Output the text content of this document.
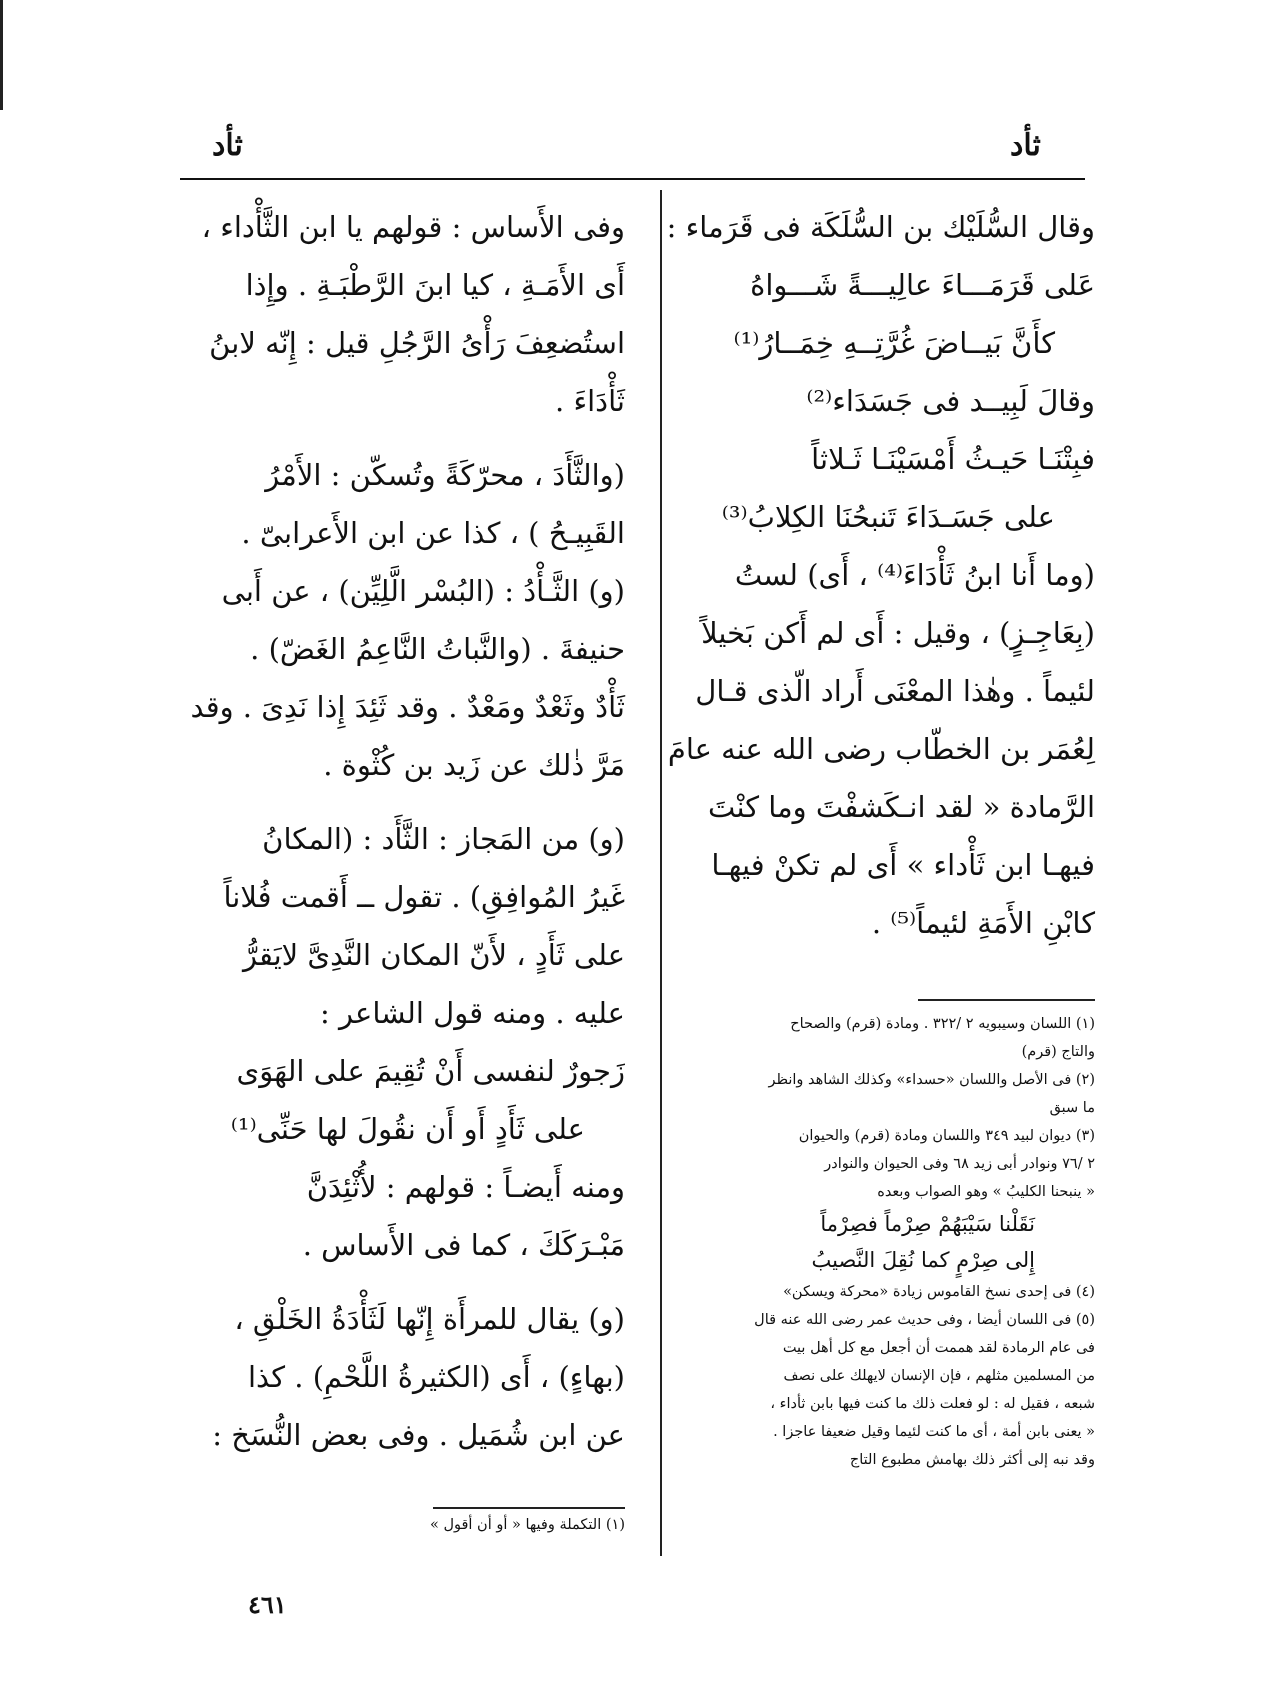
ثأد
ثأد
وقال السُّلَيْك بن السُّلَكَة فى قَرَماء :
عَلى قَرَمَـــاءَ عالِيـــةً شَـــواهُ
كأَنَّ بَيــاضَ غُرَّتِــهِ خِمَــارُ⁽¹⁾
وقالَ لَبِيــد فى جَسَدَاء⁽²⁾
فبِتْنَـا حَيـثُ أَمْسَيْنَـا ثَـلاثاً
على جَسَـدَاءَ تَنبحُنَا الكِلابُ⁽³⁾
(وما أَنا ابنُ ثَأْدَاءَ⁽⁴⁾ ، أَى) لستُ
(بِعَاجِـزٍ) ، وقيل : أَى لم أَكن بَخيلاً
لئيماً . وهٰذا المعْنَى أَراد الّذى قـال
لِعُمَر بن الخطّاب رضى الله عنه عامَ
الرَّمادة « لقد انـكَشفْتَ وما كنْتَ
فيهـا ابن ثَأْداء » أَى لم تكنْ فيهـا
كابْنِ الأَمَةِ لئيماً⁽⁵⁾ .
وفى الأَساس : قولهم يا ابن الثَّأْداء ،
أَى الأَمَـةِ ، كيا ابنَ الرَّطْبَـةِ . وإِذا
استُضعِفَ رَأْىُ الرَّجُلِ قيل : إِنّه لابنُ
ثَأْدَاءَ .
(والثَّأَدَ ، محرّكَةً وتُسكّن : الأَمْرُ
القَبِيـحُ ) ، كذا عن ابن الأَعرابىّ .
(و) الثَّـأْدُ : (البُسْر الَّلِيِّن) ، عن أَبى
حنيفةَ . (والنَّباتُ النَّاعِمُ الغَضّ) .
ثَأْدٌ وثَعْدٌ ومَعْدٌ . وقد ثَئِدَ إِذا نَدِىَ . وقد
مَرَّ ذٰلك عن زَيد بن كُثْوة .
(و) من المَجاز : الثَّأَد : (المكانُ
غَيرُ المُوافِقِ) . تقول ــ أَقمت فُلاناً
على ثَأَدٍ ، لأَنّ المكان النَّدِىَّ لايَقرُّ
عليه . ومنه قول الشاعر :
زَجورٌ لنفسى أَنْ تُقِيمَ على الهَوَى
على ثَأَدٍ أَو أَن نقُولَ لها حَنِّى⁽¹⁾
ومنه أَيضـاً : قولهم : لأُثْئِدَنَّ
مَبْـرَكَكَ ، كما فى الأَساس .
(و) يقال للمرأَة إِنّها لَثَأْدَةُ الخَلْقِ ،
(بهاءٍ) ، أَى (الكثيرةُ اللَّحْمِ) . كذا
عن ابن شُمَيل . وفى بعض النُّسَخ :
(١) اللسان وسيبويه ٢ /٣٢٢ . ومادة (قرم) والصحاح
والتاج (قرم)
(٢) فى الأصل واللسان «حسداء» وكذلك الشاهد وانظر
ما سبق
(٣) ديوان لبيد ٣٤٩ واللسان ومادة (قرم) والحيوان
٢ /٧٦ ونوادر أبى زيد ٦٨ وفى الحيوان والنوادر
« ينبحنا الكليبُ » وهو الصواب وبعده
نَقَلْنا سَيْبَهُمْ صِرْماً فصِرْماً
إِلى صِرْمٍ كما نُقِلَ النَّصيبُ
(٤) فى إحدى نسخ القاموس زيادة «محركة ويسكن»
(٥) فى اللسان أيضا ، وفى حديث عمر رضى الله عنه قال
فى عام الرمادة لقد هممت أن أجعل مع كل أهل بيت
من المسلمين مثلهم ، فإن الإنسان لايهلك على نصف
شبعه ، فقيل له : لو فعلت ذلك ما كنت فيها بابن ثأداء ،
« يعنى بابن أمة ، أى ما كنت لئيما وقيل ضعيفا عاجزا .
وقد نبه إلى أكثر ذلك بهامش مطبوع التاج
(١) التكملة وفيها « أو أن أقول »
٤٦١
